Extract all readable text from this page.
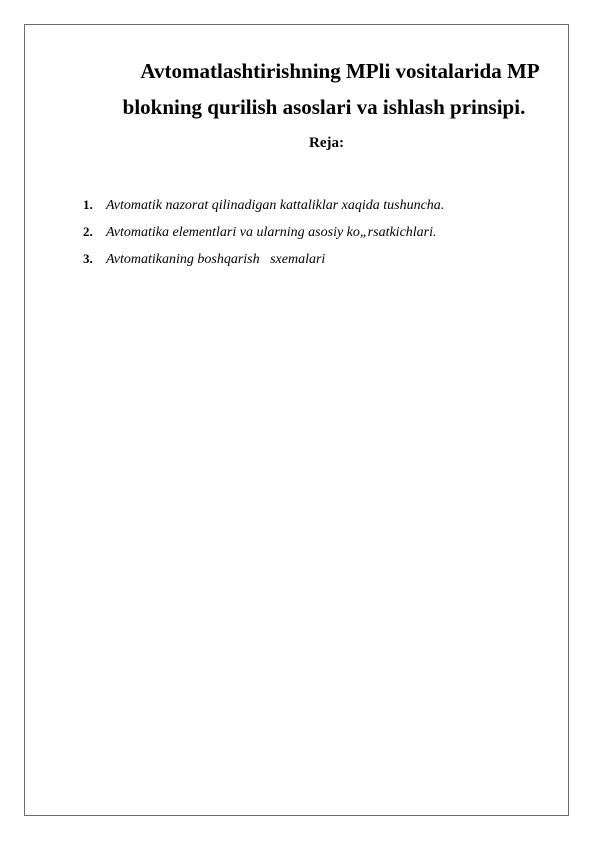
Avtomatlashtirishning MPli vositalarida MP
blokning qurilish asoslari va ishlash prinsipi.

Reja:

1. Avtomatik nazorat qilinadigan kattaliklar xaqida tushuncha.
2. Avtomatika elementlari va ularning asosiy ko„rsatkichlari.
3. Avtomatikaning boshqarish   sxemalari
